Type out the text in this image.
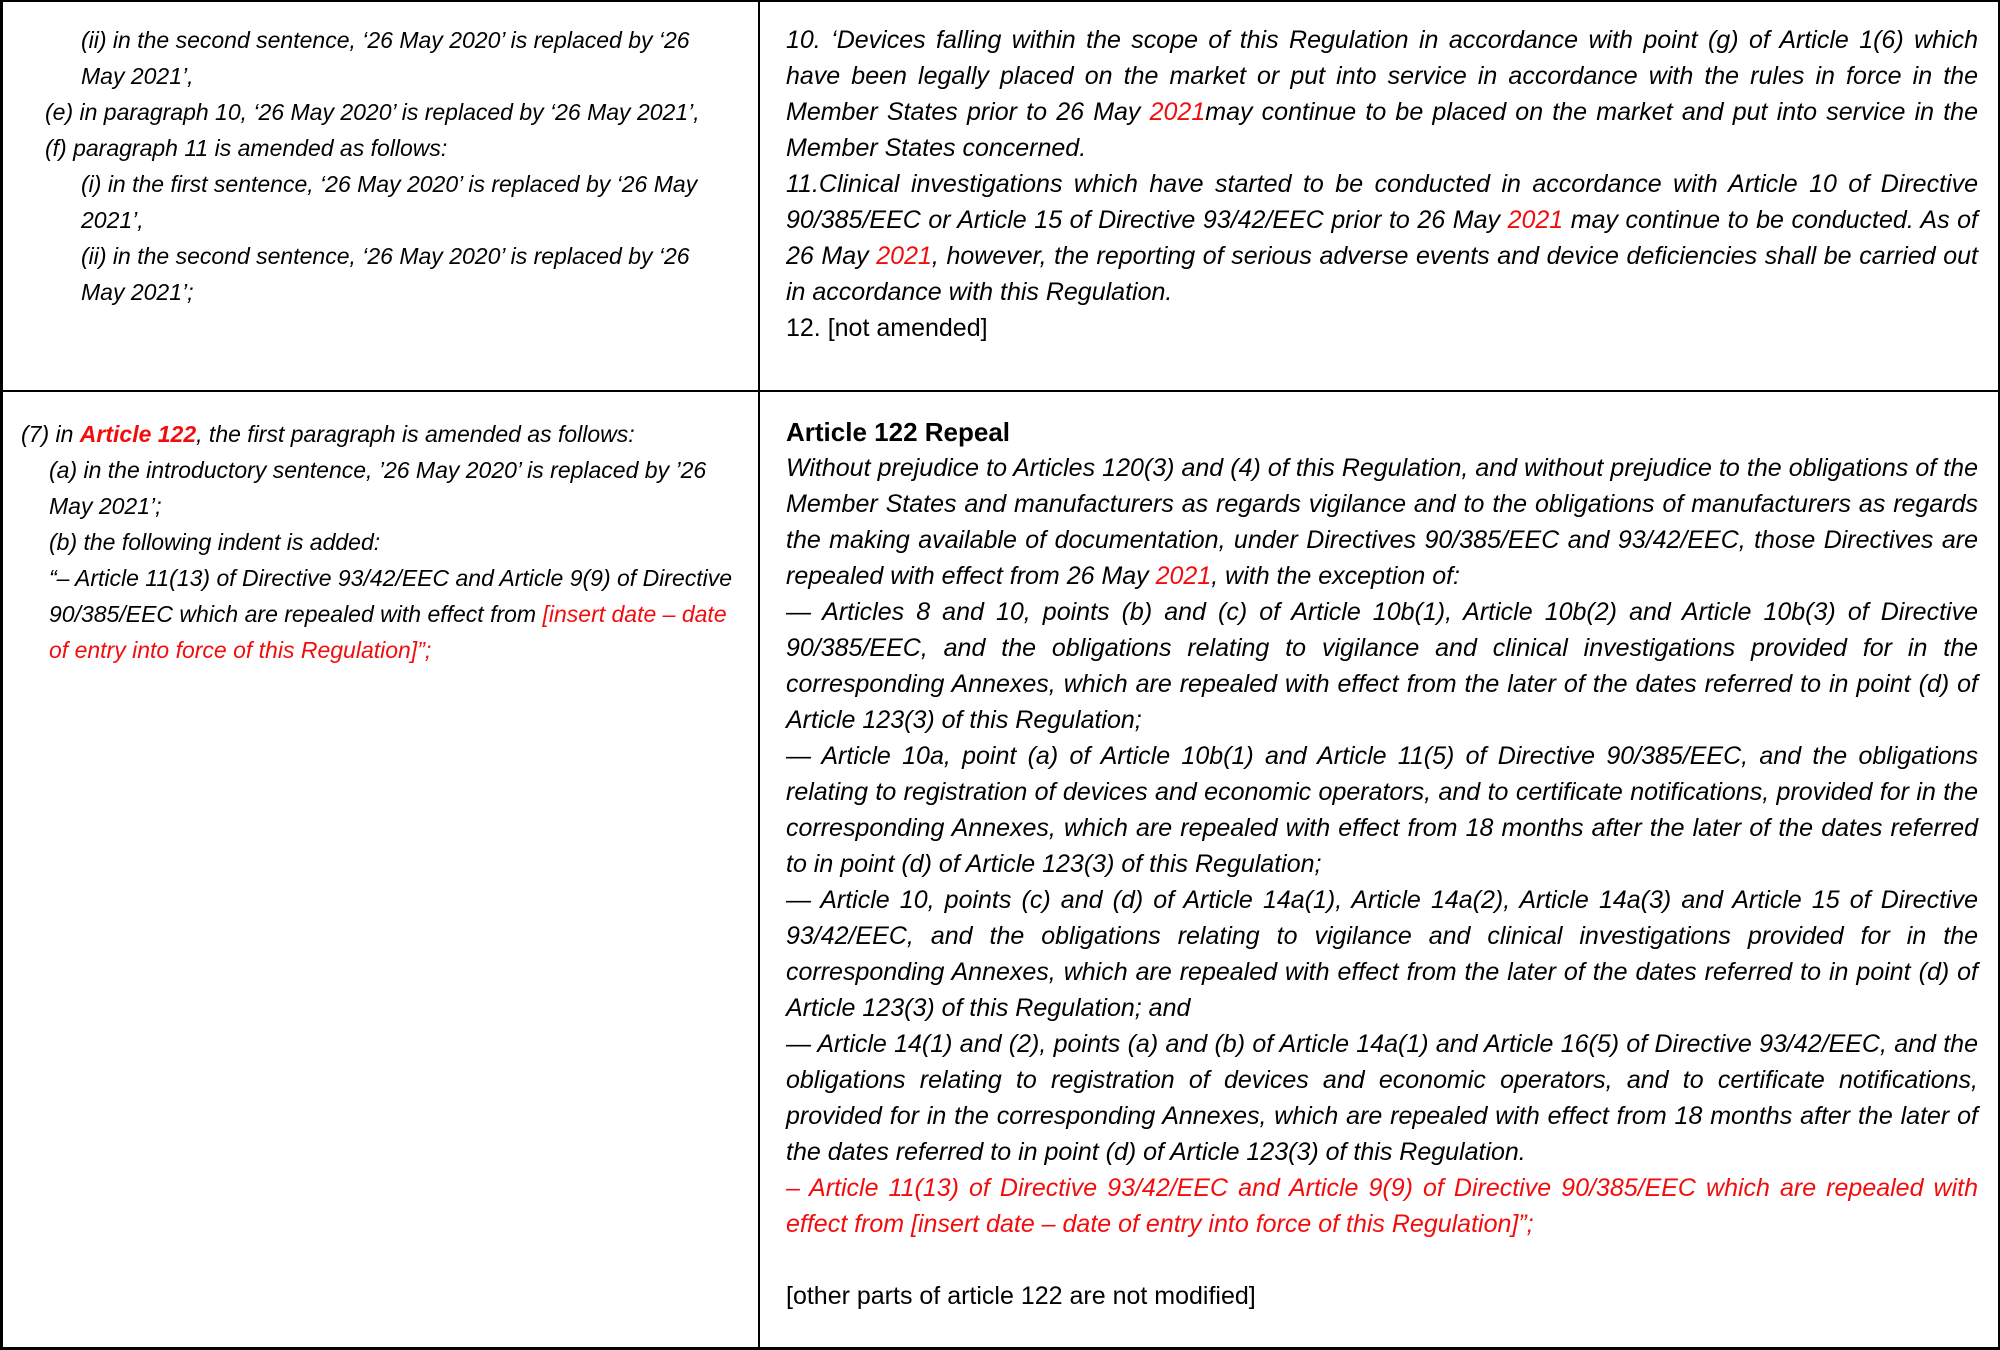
(ii) in the second sentence, ‘26 May 2020’ is replaced by ‘26 May 2021’,

(e) in paragraph 10, ‘26 May 2020’ is replaced by ‘26 May 2021’,

(f) paragraph 11 is amended as follows:

(i) in the first sentence, ‘26 May 2020’ is replaced by ‘26 May 2021’,

(ii) in the second sentence, ‘26 May 2020’ is replaced by ‘26 May 2021’;

10. ‘Devices falling within the scope of this Regulation in accordance with point (g) of Article 1(6) which have been legally placed on the market or put into service in accordance with the rules in force in the Member States prior to 26 May 2021may continue to be placed on the market and put into service in the Member States concerned.

11.Clinical investigations which have started to be conducted in accordance with Article 10 of Directive 90/385/EEC or Article 15 of Directive 93/42/EEC prior to 26 May 2021 may continue to be conducted. As of 26 May 2021, however, the reporting of serious adverse events and device deficiencies shall be carried out in accordance with this Regulation.

12. [not amended]

(7) in Article 122, the first paragraph is amended as follows:

(a) in the introductory sentence, ’26 May 2020’ is replaced by ’26 May 2021’;

(b) the following indent is added:

“– Article 11(13) of Directive 93/42/EEC and Article 9(9) of Directive 90/385/EEC which are repealed with effect from [insert date – date of entry into force of this Regulation]”;

Article 122 Repeal

Without prejudice to Articles 120(3) and (4) of this Regulation, and without prejudice to the obligations of the Member States and manufacturers as regards vigilance and to the obligations of manufacturers as regards the making available of documentation, under Directives 90/385/EEC and 93/42/EEC, those Directives are repealed with effect from 26 May 2021, with the exception of:

— Articles 8 and 10, points (b) and (c) of Article 10b(1), Article 10b(2) and Article 10b(3) of Directive 90/385/EEC, and the obligations relating to vigilance and clinical investigations provided for in the corresponding Annexes, which are repealed with effect from the later of the dates referred to in point (d) of Article 123(3) of this Regulation;

— Article 10a, point (a) of Article 10b(1) and Article 11(5) of Directive 90/385/EEC, and the obligations relating to registration of devices and economic operators, and to certificate notifications, provided for in the corresponding Annexes, which are repealed with effect from 18 months after the later of the dates referred to in point (d) of Article 123(3) of this Regulation;

— Article 10, points (c) and (d) of Article 14a(1), Article 14a(2), Article 14a(3) and Article 15 of Directive 93/42/EEC, and the obligations relating to vigilance and clinical investigations provided for in the corresponding Annexes, which are repealed with effect from the later of the dates referred to in point (d) of Article 123(3) of this Regulation; and

— Article 14(1) and (2), points (a) and (b) of Article 14a(1) and Article 16(5) of Directive 93/42/EEC, and the obligations relating to registration of devices and economic operators, and to certificate notifications, provided for in the corresponding Annexes, which are repealed with effect from 18 months after the later of the dates referred to in point (d) of Article 123(3) of this Regulation.

– Article 11(13) of Directive 93/42/EEC and Article 9(9) of Directive 90/385/EEC which are repealed with effect from [insert date – date of entry into force of this Regulation]”;

[other parts of article 122 are not modified]
